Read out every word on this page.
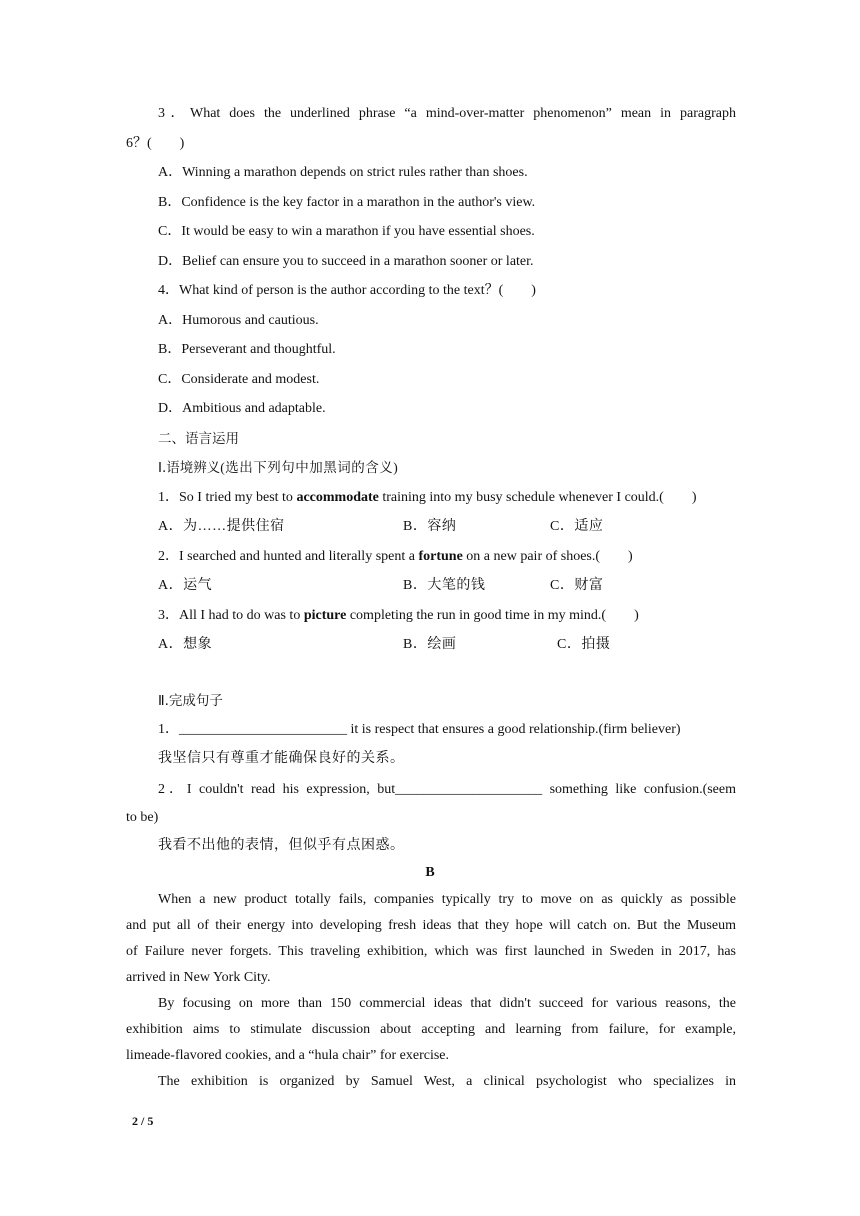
3．What does the underlined phrase “a mind-over-matter phenomenon” mean in paragraph
6？(　　)
A．Winning a marathon depends on strict rules rather than shoes.
B．Confidence is the key factor in a marathon in the author's view.
C．It would be easy to win a marathon if you have essential shoes.
D．Belief can ensure you to succeed in a marathon sooner or later.
4．What kind of person is the author according to the text？(　　)
A．Humorous and cautious.
B．Perseverant and thoughtful.
C．Considerate and modest.
D．Ambitious and adaptable.
二、语言运用
Ⅰ.语境辨义(选出下列句中加黑词的含义)
1．So I tried my best to accommodate training into my busy schedule whenever I could.(　　)
A．为……提供住宿	B．容纳	C．适应
2．I searched and hunted and literally spent a fortune on a new pair of shoes.(　　)
A．运气	B．大笔的钱	C．财富
3．All I had to do was to picture completing the run in good time in my mind.(　　)
A．想象	B．绘画	C．拍摄
Ⅱ.完成句子
1．________________________ it is respect that ensures a good relationship.(firm believer)
我坚信只有尊重才能确保良好的关系。
2．I couldn't read his expression, but_____________________ something like confusion.(seem
to be)
我看不出他的表情，但似乎有点困惑。
B
When a new product totally fails, companies typically try to move on as quickly as possible
and put all of their energy into developing fresh ideas that they hope will catch on. But the Museum
of Failure never forgets. This traveling exhibition, which was first launched in Sweden in 2017, has
arrived in New York City.
By focusing on more than 150 commercial ideas that didn't succeed for various reasons, the
exhibition aims to stimulate discussion about accepting and learning from failure, for example,
limeade-flavored cookies, and a “hula chair” for exercise.
The exhibition is organized by Samuel West, a clinical psychologist who specializes in
2 / 5
